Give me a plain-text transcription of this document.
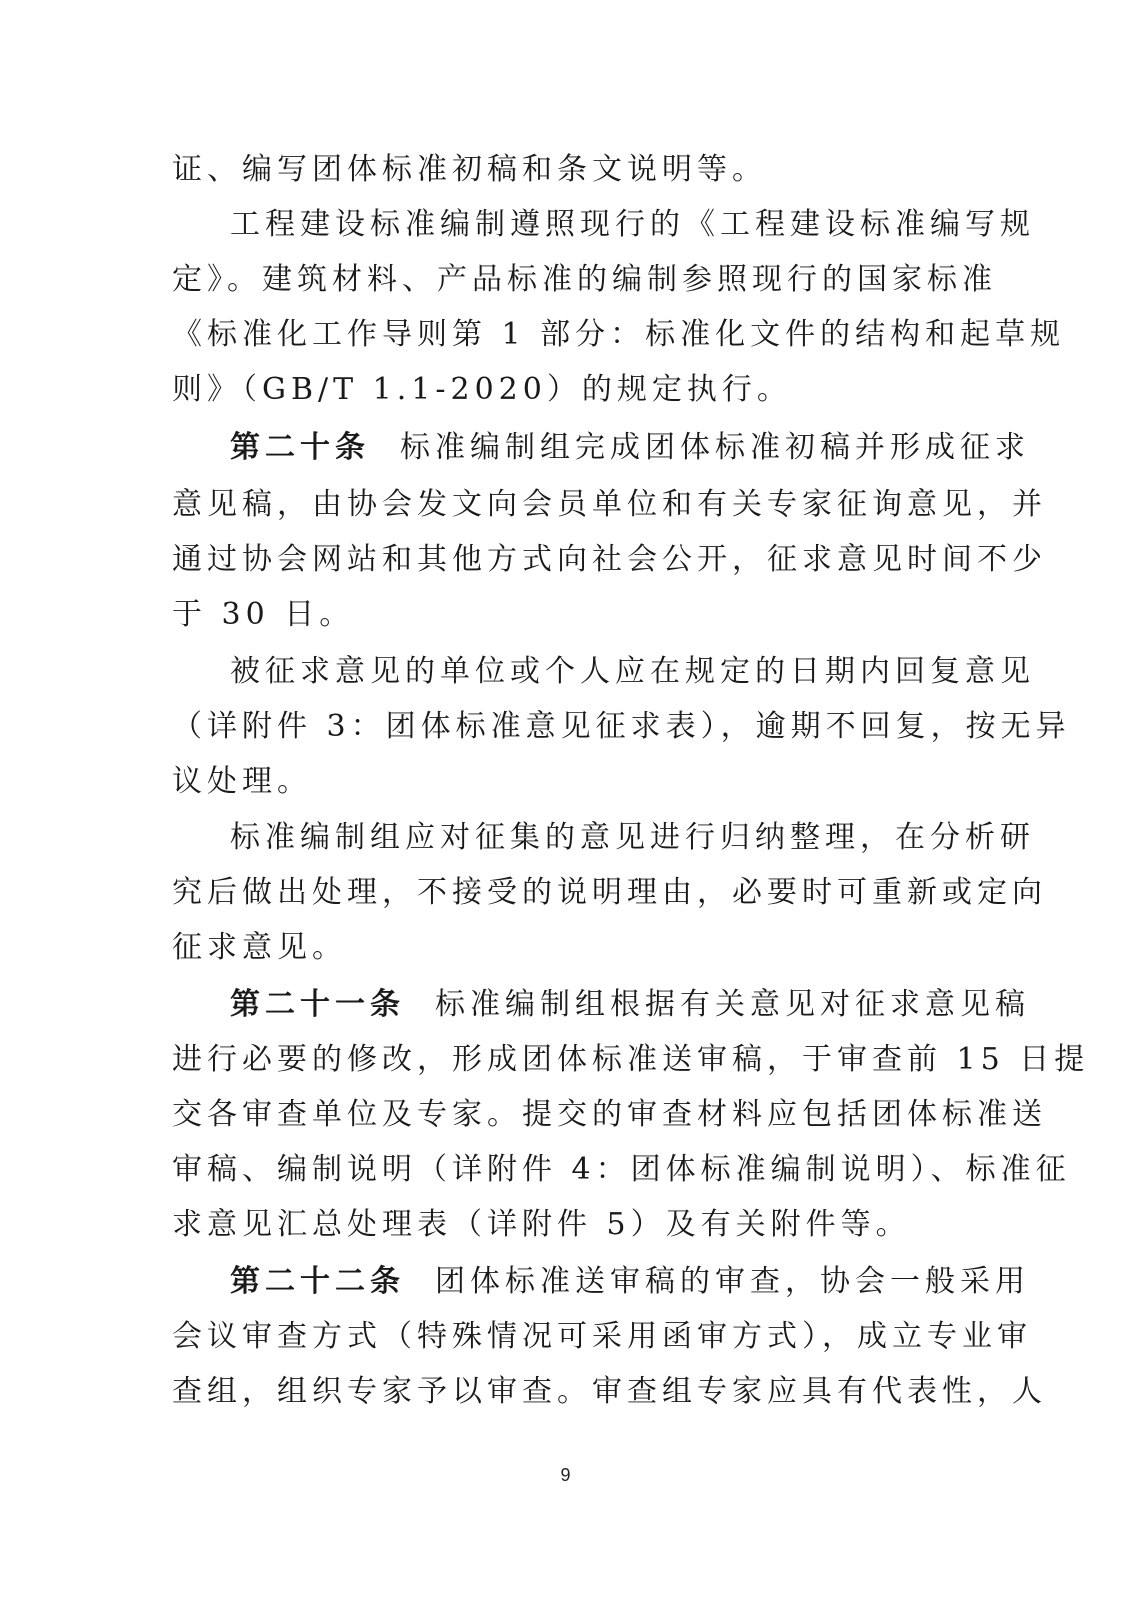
证、编写团体标准初稿和条文说明等。
工程建设标准编制遵照现行的《工程建设标准编写规
定》。建筑材料、产品标准的编制参照现行的国家标准
《标准化工作导则第 1 部分：标准化文件的结构和起草规
则》（GB/T 1.1-2020）的规定执行。
第二十条 标准编制组完成团体标准初稿并形成征求
意见稿，由协会发文向会员单位和有关专家征询意见，并
通过协会网站和其他方式向社会公开，征求意见时间不少
于 30 日。
被征求意见的单位或个人应在规定的日期内回复意见
（详附件 3：团体标准意见征求表），逾期不回复，按无异
议处理。
标准编制组应对征集的意见进行归纳整理，在分析研
究后做出处理，不接受的说明理由，必要时可重新或定向
征求意见。
第二十一条 标准编制组根据有关意见对征求意见稿
进行必要的修改，形成团体标准送审稿，于审查前 15 日提
交各审查单位及专家。提交的审查材料应包括团体标准送
审稿、编制说明（详附件 4：团体标准编制说明）、标准征
求意见汇总处理表（详附件 5）及有关附件等。
第二十二条 团体标准送审稿的审查，协会一般采用
会议审查方式（特殊情况可采用函审方式），成立专业审
查组，组织专家予以审查。审查组专家应具有代表性，人
9
